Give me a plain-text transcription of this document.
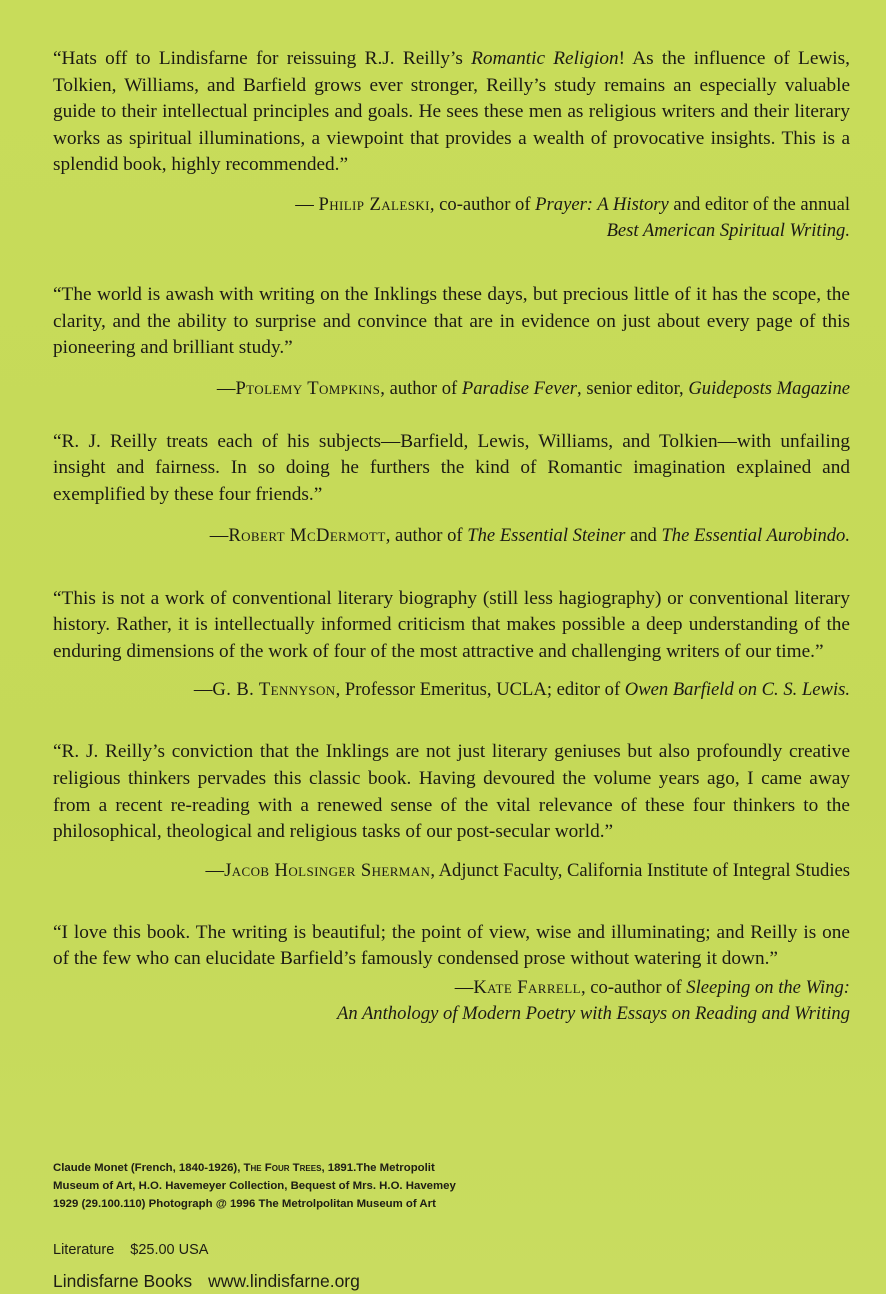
“Hats off to Lindisfarne for reissuing R.J. Reilly’s Romantic Religion! As the influence of Lewis, Tolkien, Williams, and Barfield grows ever stronger, Reilly’s study remains an especially valuable guide to their intellectual principles and goals. He sees these men as religious writers and their literary works as spiritual illuminations, a viewpoint that provides a wealth of provocative insights. This is a splendid book, highly recommended.”

— Philip Zaleski, co-author of Prayer: A History and editor of the annual
Best American Spiritual Writing.

“The world is awash with writing on the Inklings these days, but precious little of it has the scope, the clarity, and the ability to surprise and convince that are in evidence on just about every page of this pioneering and brilliant study.”

—Ptolemy Tompkins, author of Paradise Fever, senior editor, Guideposts Magazine

“R. J. Reilly treats each of his subjects—Barfield, Lewis, Williams, and Tolkien—with unfailing insight and fairness. In so doing he furthers the kind of Romantic imagination explained and exemplified by these four friends.”

—Robert McDermott, author of The Essential Steiner and The Essential Aurobindo.

“This is not a work of conventional literary biography (still less hagiography) or conventional literary history. Rather, it is intellectually informed criticism that makes possible a deep understanding of the enduring dimensions of the work of four of the most attractive and challenging writers of our time.”

—G. B. Tennyson, Professor Emeritus, UCLA; editor of Owen Barfield on C. S. Lewis.

“R. J. Reilly’s conviction that the Inklings are not just literary geniuses but also profoundly creative religious thinkers pervades this classic book. Having devoured the volume years ago, I came away from a recent re-reading with a renewed sense of the vital relevance of these four thinkers to the philosophical, theological and religious tasks of our post-secular world.”

—Jacob Holsinger Sherman, Adjunct Faculty, California Institute of Integral Studies

“I love this book. The writing is beautiful; the point of view, wise and illuminating; and Reilly is one of the few who can elucidate Barfield’s famously condensed prose without watering it down.”

—Kate Farrell, co-author of Sleeping on the Wing:
An Anthology of Modern Poetry with Essays on Reading and Writing

Claude Monet (French, 1840-1926), The Four Trees, 1891.The Metropolit

Museum of Art, H.O. Havemeyer Collection, Bequest of Mrs. H.O. Havemey

1929 (29.100.110) Photograph @ 1996 The Metrolpolitan Museum of Art

Literature $25.00 USA

Lindisfarne Books www.lindisfarne.org
